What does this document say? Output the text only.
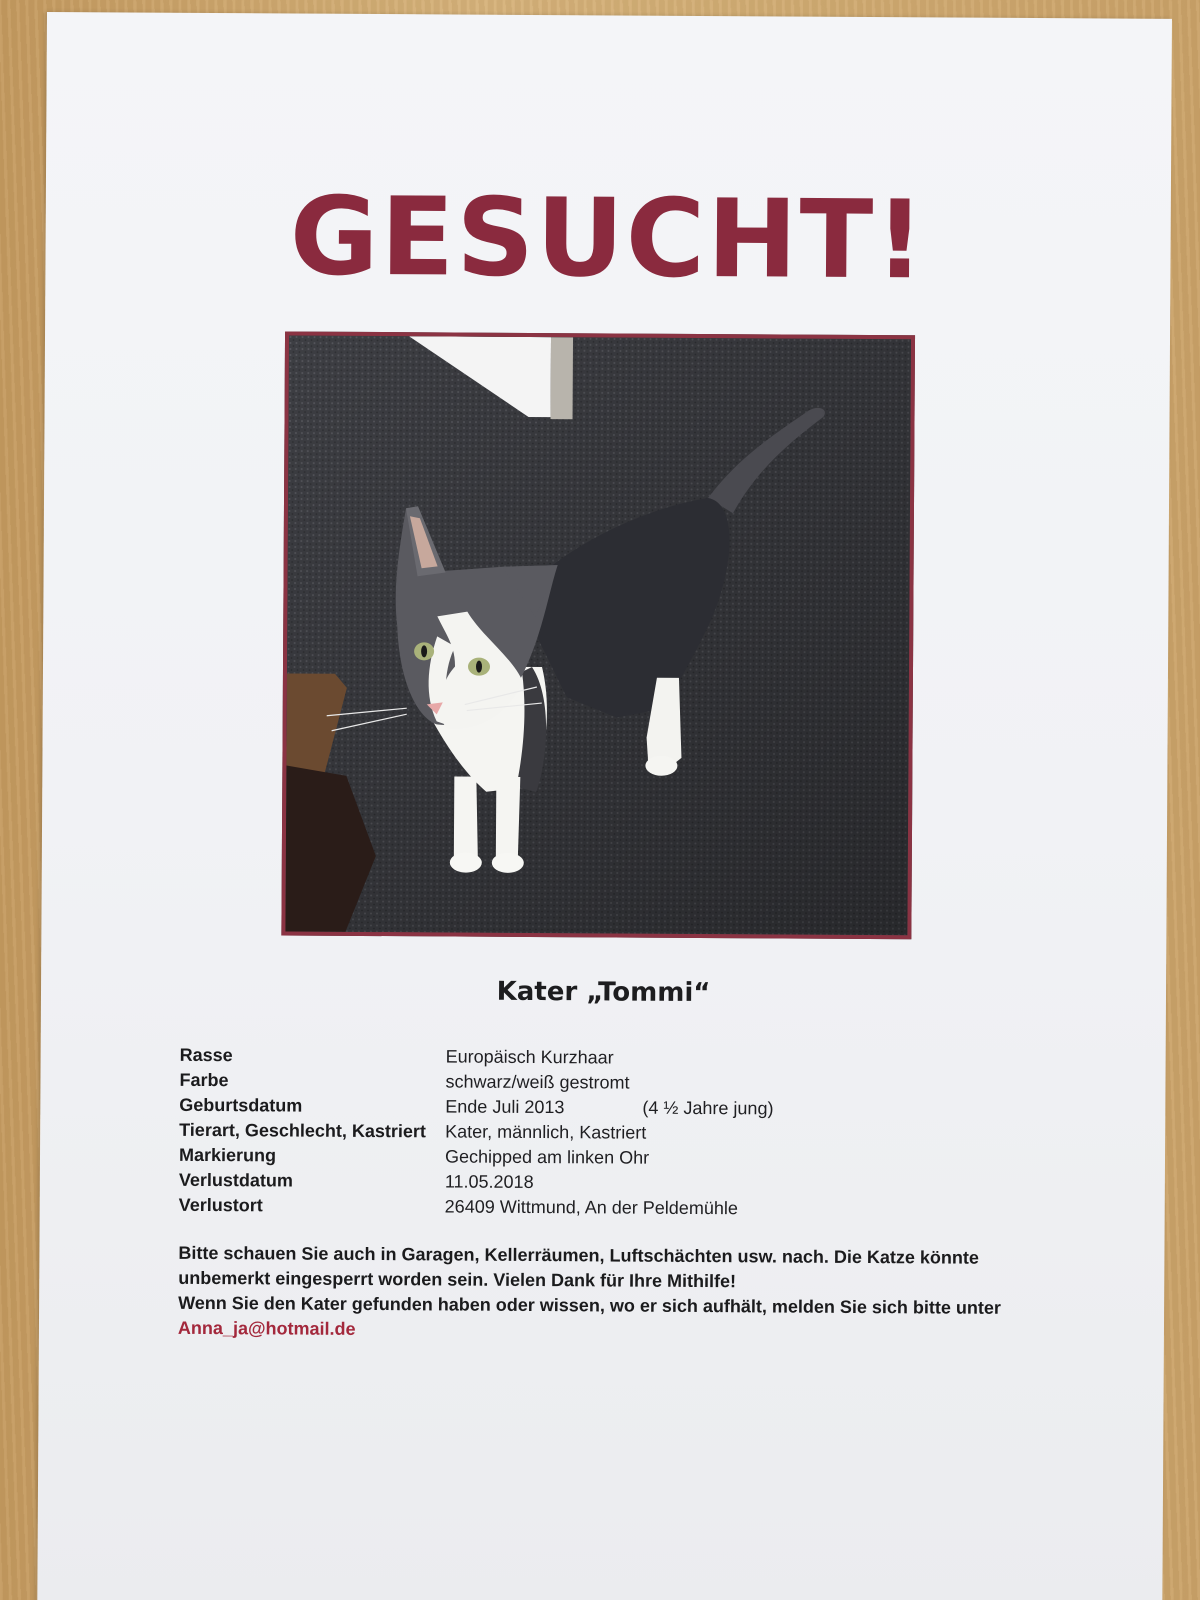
GESUCHT!
Kater „Tommi“
Rasse	Europäisch Kurzhaar
Farbe	schwarz/weiß gestromt
Geburtsdatum	Ende Juli 2013	(4 ½ Jahre jung)
Tierart, Geschlecht, Kastriert	Kater, männlich, Kastriert
Markierung	Gechipped am linken Ohr
Verlustdatum	11.05.2018
Verlustort	26409 Wittmund, An der Peldemühle

Bitte schauen Sie auch in Garagen, Kellerräumen, Luftschächten usw. nach. Die Katze könnte unbemerkt eingesperrt worden sein. Vielen Dank für Ihre Mithilfe!

Wenn Sie den Kater gefunden haben oder wissen, wo er sich aufhält, melden Sie sich bitte unter

Anna_ja@hotmail.de
